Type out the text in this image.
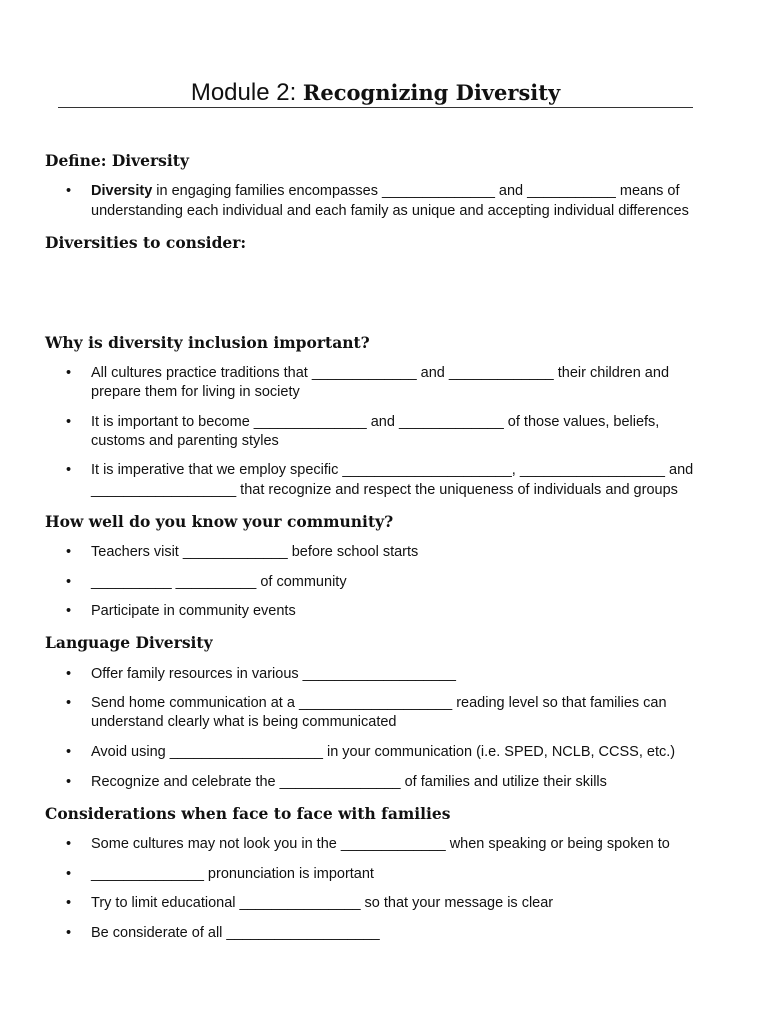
Module 2: Recognizing Diversity
Define: Diversity
•	Diversity in engaging families encompasses ______________ and ___________ means of
understanding each individual and each family as unique and accepting individual differences
Diversities to consider:
Why is diversity inclusion important?
•	All cultures practice traditions that _____________ and _____________ their children and
prepare them for living in society
•	It is important to become ______________ and _____________ of those values, beliefs,
customs and parenting styles
•	It is imperative that we employ specific _____________________, __________________ and
__________________ that recognize and respect the uniqueness of individuals and groups
How well do you know your community?
•	Teachers visit _____________ before school starts
•	__________ __________ of community
•	Participate in community events
Language Diversity
•	Offer family resources in various ___________________
•	Send home communication at a ___________________ reading level so that families can
understand clearly what is being communicated
•	Avoid using ___________________ in your communication (i.e. SPED, NCLB, CCSS, etc.)
•	Recognize and celebrate the _______________ of families and utilize their skills
Considerations when face to face with families
•	Some cultures may not look you in the _____________ when speaking or being spoken to
•	______________ pronunciation is important
•	Try to limit educational _______________ so that your message is clear
•	Be considerate of all ___________________
